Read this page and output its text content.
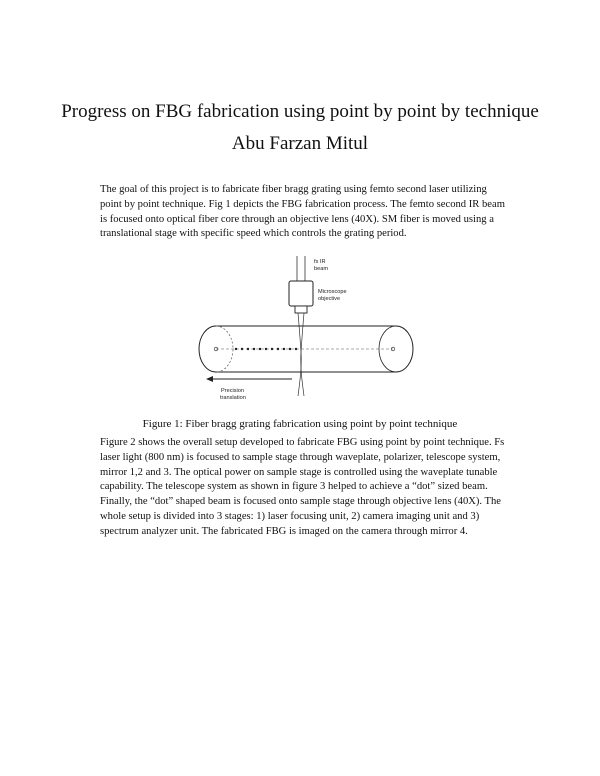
Progress on FBG fabrication using point by point by technique
Abu Farzan Mitul

The goal of this project is to fabricate fiber bragg grating using femto second laser utilizing point by point technique. Fig 1 depicts the FBG fabrication process. The femto second IR beam is focused onto optical fiber core through an objective lens (40X). SM fiber is moved using a translational stage with specific speed which controls the grating period.

fs IR
beam
Microscope
objective
Precision
translation

Figure 1: Fiber bragg grating fabrication using point by point technique

Figure 2 shows the overall setup developed to fabricate FBG using point by point technique. Fs laser light (800 nm) is focused to sample stage through waveplate, polarizer, telescope system, mirror 1,2 and 3. The optical power on sample stage is controlled using the waveplate tunable capability. The telescope system as shown in figure 3 helped to achieve a “dot” sized beam. Finally, the “dot” shaped beam is focused onto sample stage through objective lens (40X). The whole setup is divided into 3 stages: 1) laser focusing unit, 2) camera imaging unit and 3) spectrum analyzer unit. The fabricated FBG is imaged on the camera through mirror 4.
